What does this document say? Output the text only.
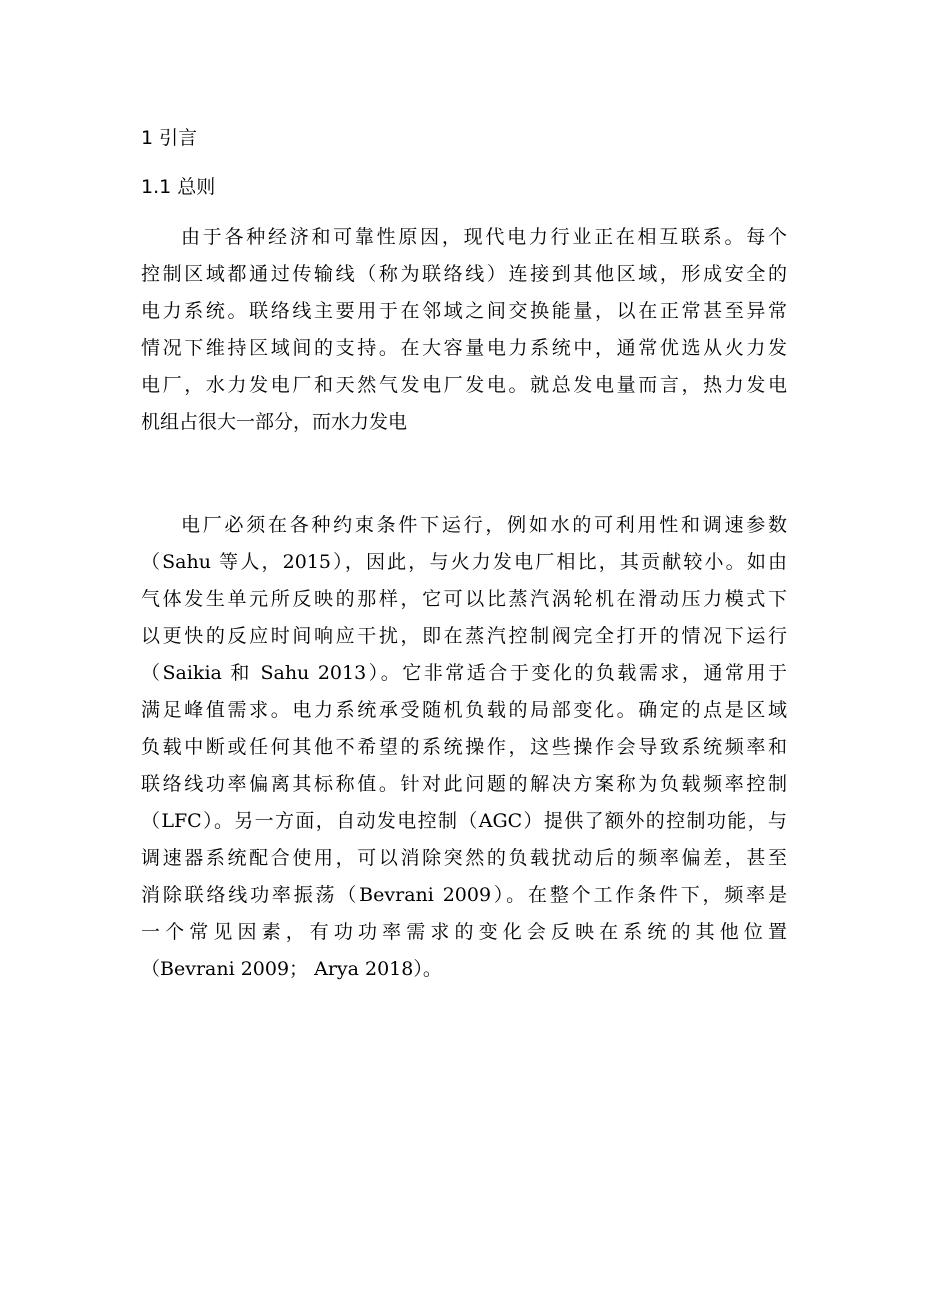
1 引言
1.1 总则
由于各种经济和可靠性原因，现代电力行业正在相互联系。每个
控制区域都通过传输线（称为联络线）连接到其他区域，形成安全的
电力系统。联络线主要用于在邻域之间交换能量，以在正常甚至异常
情况下维持区域间的支持。在大容量电力系统中，通常优选从火力发
电厂，水力发电厂和天然气发电厂发电。就总发电量而言，热力发电
机组占很大一部分，而水力发电
电厂必须在各种约束条件下运行，例如水的可利用性和调速参数
（Sahu 等人，2015），因此，与火力发电厂相比，其贡献较小。如由
气体发生单元所反映的那样，它可以比蒸汽涡轮机在滑动压力模式下
以更快的反应时间响应干扰，即在蒸汽控制阀完全打开的情况下运行
（Saikia 和 Sahu 2013）。它非常适合于变化的负载需求，通常用于
满足峰值需求。电力系统承受随机负载的局部变化。确定的点是区域
负载中断或任何其他不希望的系统操作，这些操作会导致系统频率和
联络线功率偏离其标称值。针对此问题的解决方案称为负载频率控制
（LFC）。另一方面，自动发电控制（AGC）提供了额外的控制功能，与
调速器系统配合使用，可以消除突然的负载扰动后的频率偏差，甚至
消除联络线功率振荡（Bevrani 2009）。在整个工作条件下，频率是
一个常见因素，有功功率需求的变化会反映在系统的其他位置
（Bevrani 2009； Arya 2018）。
